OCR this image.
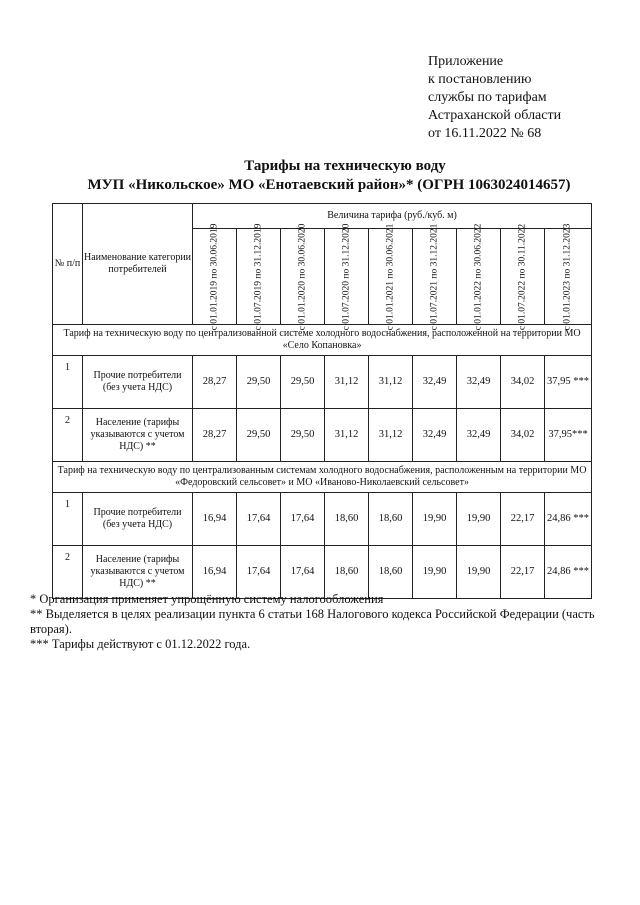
Приложение
к постановлению
службы по тарифам
Астраханской области
от 16.11.2022 № 68
Тарифы на техническую воду
МУП «Никольское» МО «Енотаевский район»* (ОГРН 1063024014657)
№ п/п	Наименование категории потребителей	Величина тарифа (руб./куб. м)								

		с 01.01.2019 по 30.06.2019	с 01.07.2019 по 31.12.2019	с 01.01.2020 по 30.06.2020	с 01.07.2020 по 31.12.2020	с 01.01.2021 по 30.06.2021	с 01.07.2021 по 31.12.2021	с 01.01.2022 по 30.06.2022	с 01.07.2022 по 30.11.2022	с 01.01.2023 по 31.12.2023

Тариф на техническую воду по централизованной системе холодного водоснабжения, расположенной на территории МО «Село Копановка»										
1	Прочие потребители (без учета НДС)	28,27	29,50	29,50	31,12	31,12	32,49	32,49	34,02	37,95 ***
2	Население (тарифы указываются с учетом НДС) **	28,27	29,50	29,50	31,12	31,12	32,49	32,49	34,02	37,95***
Тариф на техническую воду по централизованным системам холодного водоснабжения, расположенным на территории МО «Федоровский сельсовет» и МО «Ивановo-Николаевский сельсовет»										
1	Прочие потребители (без учета НДС)	16,94	17,64	17,64	18,60	18,60	19,90	19,90	22,17	24,86 ***
2	Население (тарифы указываются с учетом НДС) **	16,94	17,64	17,64	18,60	18,60	19,90	19,90	22,17	24,86 ***
* Организация применяет упрощённую систему налогообложения
** Выделяется в целях реализации пункта 6 статьи 168 Налогового кодекса Российской Федерации (часть вторая).
*** Тарифы действуют с 01.12.2022 года.
